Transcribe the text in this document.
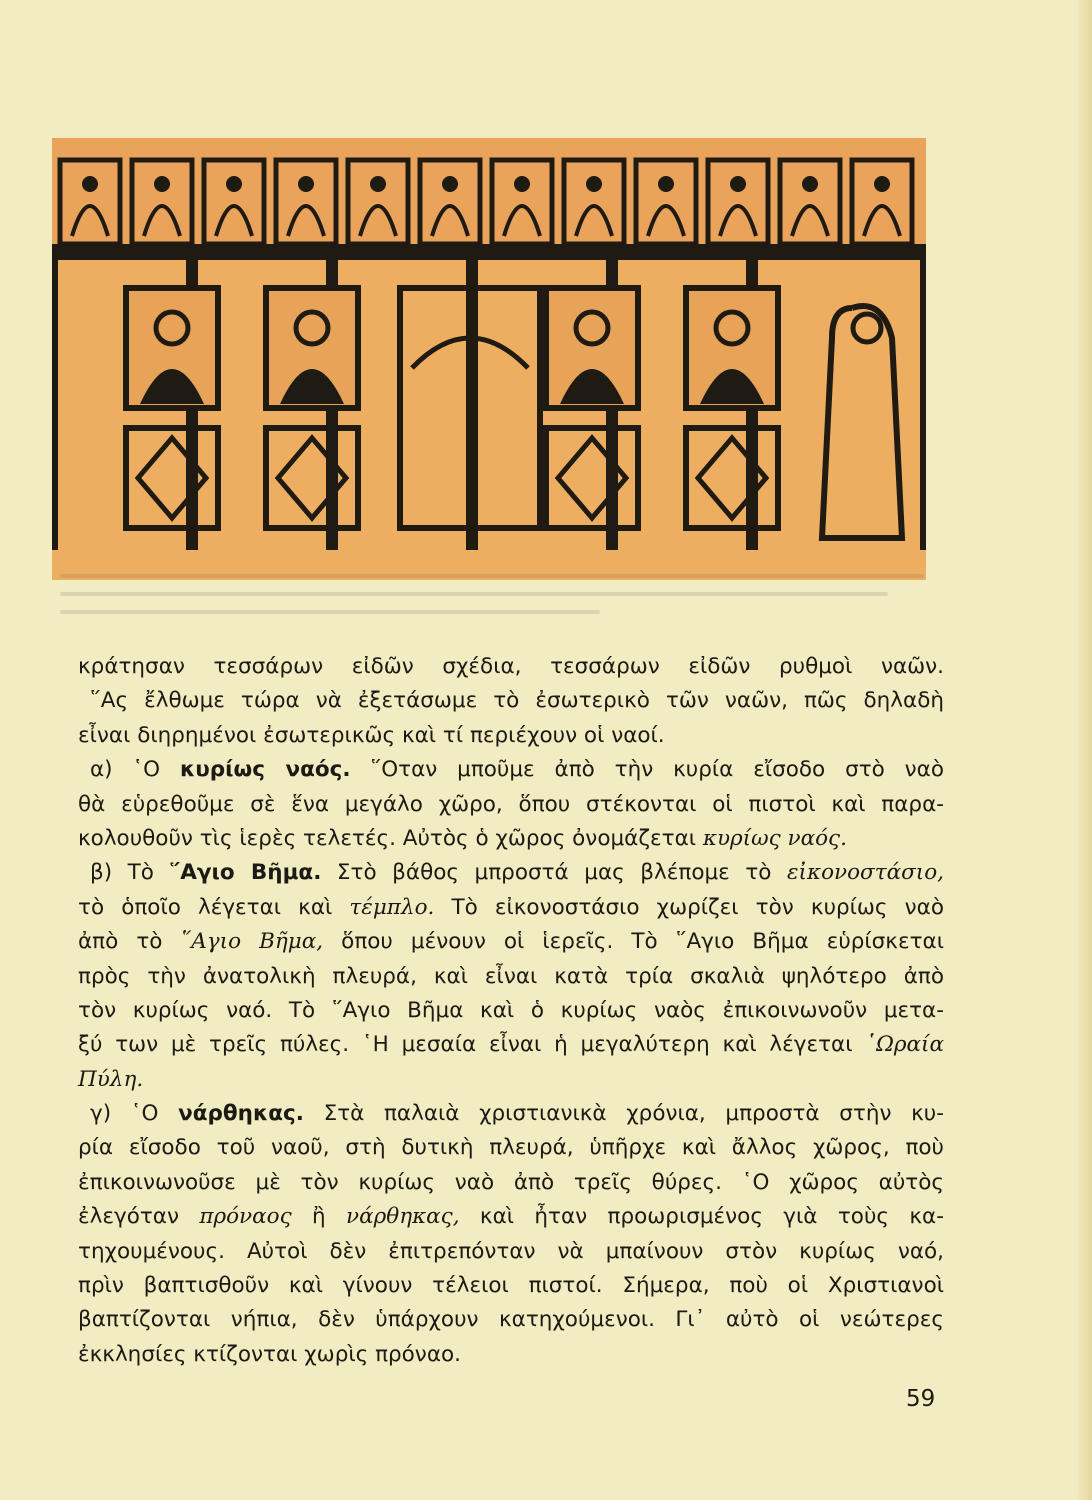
κράτησαν τεσσάρων εἰδῶν σχέδια, τεσσάρων εἰδῶν ρυθμοὶ ναῶν.
῞Ας ἔλθωμε τώρα νὰ ἐξετάσωμε τὸ ἐσωτερικὸ τῶν ναῶν, πῶς δηλαδὴ
εἶναι διηρημένοι ἐσωτερικῶς καὶ τί περιέχουν οἱ ναοί.
α) ῾Ο κυρίως ναός. ῞Οταν μποῦμε ἀπὸ τὴν κυρία εἴσοδο στὸ ναὸ
θὰ εὑρεθοῦμε σὲ ἕνα μεγάλο χῶρο, ὅπου στέκονται οἱ πιστοὶ καὶ παρα-
κολουθοῦν τὶς ἱερὲς τελετές. Αὐτὸς ὁ χῶρος ὀνομάζεται κυρίως ναός.
β) Τὸ ῞Αγιο Βῆμα. Στὸ βάθος μπροστά μας βλέπομε τὸ εἰκονοστάσιο,
τὸ ὁποῖο λέγεται καὶ τέμπλο. Τὸ εἰκονοστάσιο χωρίζει τὸν κυρίως ναὸ
ἀπὸ τὸ ῞Αγιο Βῆμα, ὅπου μένουν οἱ ἱερεῖς. Τὸ ῞Αγιο Βῆμα εὑρίσκεται
πρὸς τὴν ἀνατολικὴ πλευρά, καὶ εἶναι κατὰ τρία σκαλιὰ ψηλότερο ἀπὸ
τὸν κυρίως ναό. Τὸ ῞Αγιο Βῆμα καὶ ὁ κυρίως ναὸς ἐπικοινωνοῦν μετα-
ξύ των μὲ τρεῖς πύλες. ῾Η μεσαία εἶναι ἡ μεγαλύτερη καὶ λέγεται ῾Ωραία
Πύλη.
γ) ῾Ο νάρθηκας. Στὰ παλαιὰ χριστιανικὰ χρόνια, μπροστὰ στὴν κυ-
ρία εἴσοδο τοῦ ναοῦ, στὴ δυτικὴ πλευρά, ὑπῆρχε καὶ ἄλλος χῶρος, ποὺ
ἐπικοινωνοῦσε μὲ τὸν κυρίως ναὸ ἀπὸ τρεῖς θύρες. ῾Ο χῶρος αὐτὸς
ἐλεγόταν πρόναος ἢ νάρθηκας, καὶ ἦταν προωρισμένος γιὰ τοὺς κα-
τηχουμένους. Αὐτοὶ δὲν ἐπιτρεπόνταν νὰ μπαίνουν στὸν κυρίως ναό,
πρὶν βαπτισθοῦν καὶ γίνουν τέλειοι πιστοί. Σήμερα, ποὺ οἱ Χριστιανοὶ
βαπτίζονται νήπια, δὲν ὑπάρχουν κατηχούμενοι. Γι᾽ αὐτὸ οἱ νεώτερες
ἐκκλησίες κτίζονται χωρὶς πρόναο.
59
